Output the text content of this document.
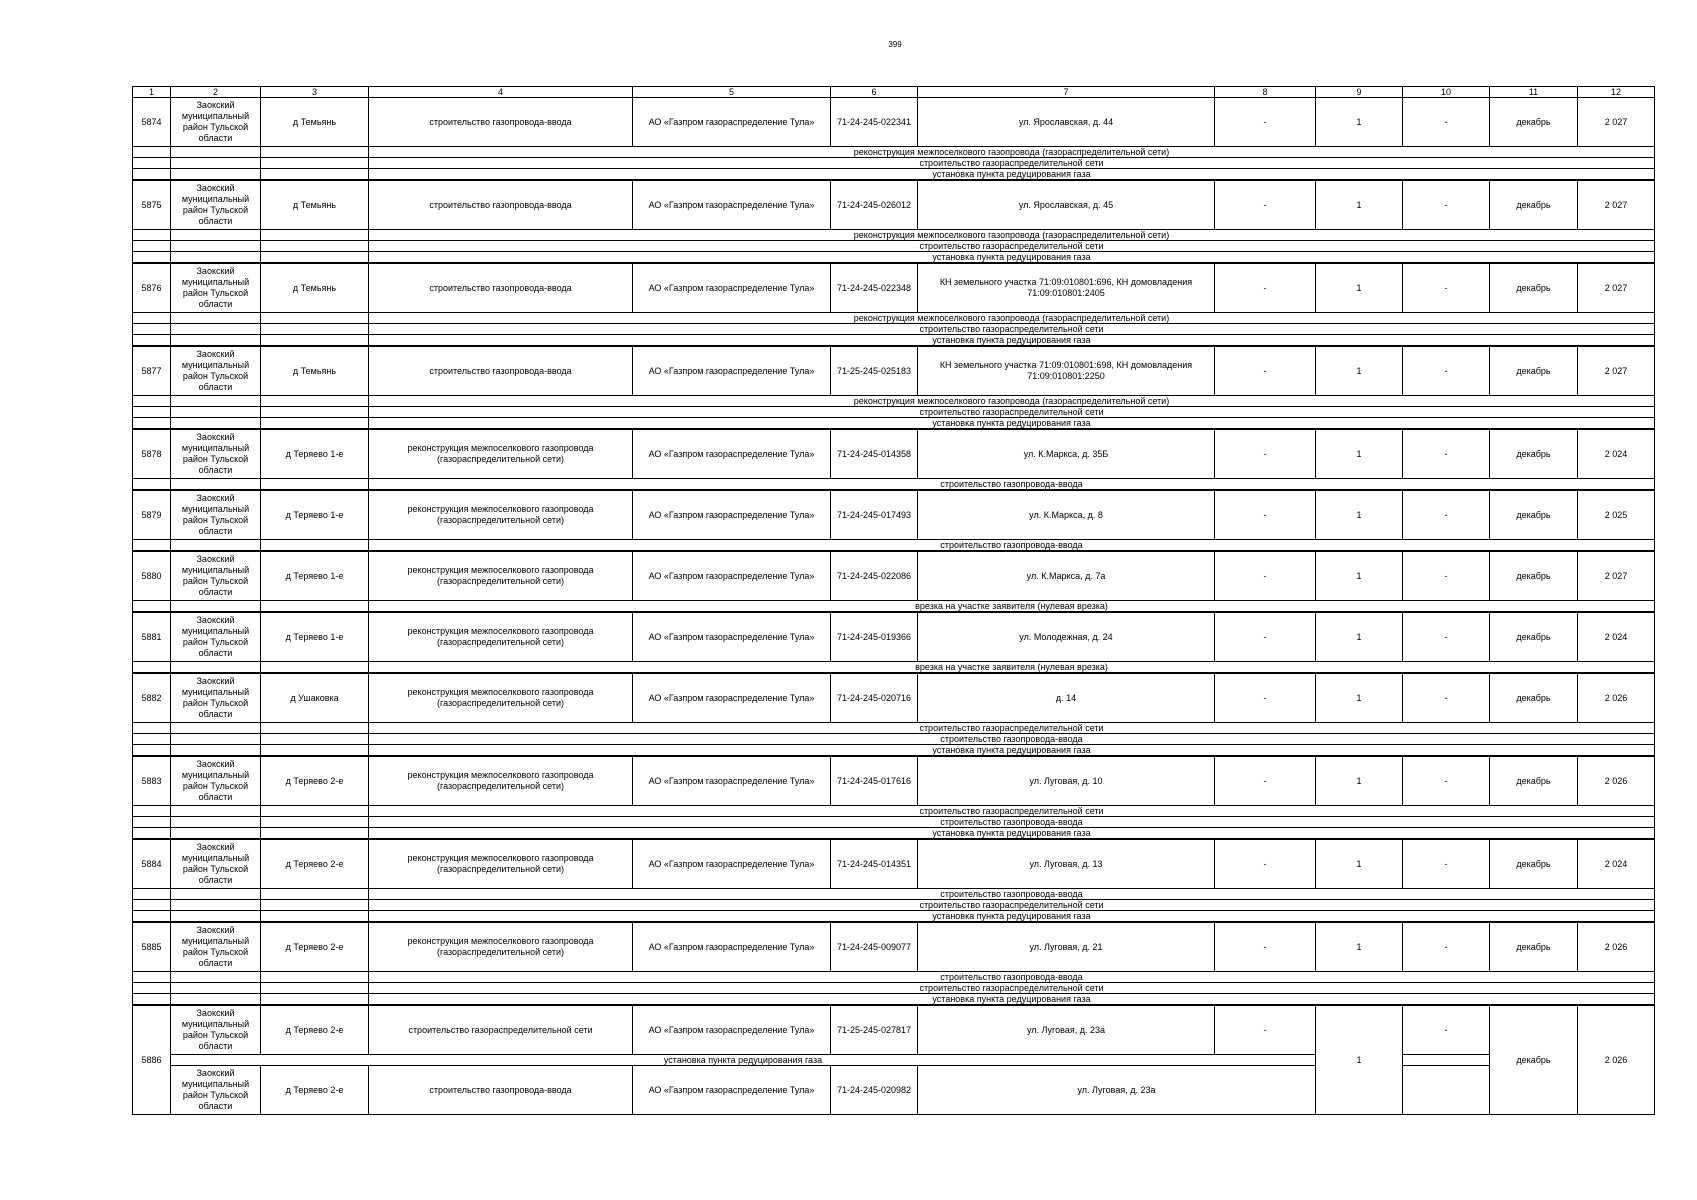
399
1	2	3	4	5	6	7	8	9	10	11	12
5874	Заокский муниципальный район Тульской области	д Темьянь	строительство газопровода-ввода	АО «Газпром газораспределение Тула»	71-24-245-022341	ул. Ярославская, д. 44	-	1	-	декабрь	2 027
			реконструкция межпоселкового газопровода (газораспределительной сети)								
			строительство газораспределительной сети								
			установка пункта редуцирования газа								
5875	Заокский муниципальный район Тульской области	д Темьянь	строительство газопровода-ввода	АО «Газпром газораспределение Тула»	71-24-245-026012	ул. Ярославская, д. 45	-	1	-	декабрь	2 027
			реконструкция межпоселкового газопровода (газораспределительной сети)								
			строительство газораспределительной сети								
			установка пункта редуцирования газа								
5876	Заокский муниципальный район Тульской области	д Темьянь	строительство газопровода-ввода	АО «Газпром газораспределение Тула»	71-24-245-022348	КН земельного участка 71:09:010801:696, КН домовладения 71:09:010801:2405	-	1	-	декабрь	2 027
			реконструкция межпоселкового газопровода (газораспределительной сети)								
			строительство газораспределительной сети								
			установка пункта редуцирования газа								
5877	Заокский муниципальный район Тульской области	д Темьянь	строительство газопровода-ввода	АО «Газпром газораспределение Тула»	71-25-245-025183	КН земельного участка 71:09:010801:698, КН домовладения 71:09:010801:2250	-	1	-	декабрь	2 027
			реконструкция межпоселкового газопровода (газораспределительной сети)								
			строительство газораспределительной сети								
			установка пункта редуцирования газа								
5878	Заокский муниципальный район Тульской области	д Теряево 1-е	реконструкция межпоселкового газопровода (газораспределительной сети)	АО «Газпром газораспределение Тула»	71-24-245-014358	ул. К.Маркса, д. 35Б	-	1	-	декабрь	2 024
			строительство газопровода-ввода								
5879	Заокский муниципальный район Тульской области	д Теряево 1-е	реконструкция межпоселкового газопровода (газораспределительной сети)	АО «Газпром газораспределение Тула»	71-24-245-017493	ул. К.Маркса, д. 8	-	1	-	декабрь	2 025
			строительство газопровода-ввода								
5880	Заокский муниципальный район Тульской области	д Теряево 1-е	реконструкция межпоселкового газопровода (газораспределительной сети)	АО «Газпром газораспределение Тула»	71-24-245-022086	ул. К.Маркса, д. 7а	-	1	-	декабрь	2 027
			врезка на участке заявителя (нулевая врезка)								
5881	Заокский муниципальный район Тульской области	д Теряево 1-е	реконструкция межпоселкового газопровода (газораспределительной сети)	АО «Газпром газораспределение Тула»	71-24-245-019366	ул. Молодежная, д. 24	-	1	-	декабрь	2 024
			врезка на участке заявителя (нулевая врезка)								
5882	Заокский муниципальный район Тульской области	д Ушаковка	реконструкция межпоселкового газопровода (газораспределительной сети)	АО «Газпром газораспределение Тула»	71-24-245-020716	д. 14	-	1	-	декабрь	2 026
			строительство газораспределительной сети								
			строительство газопровода-ввода								
			установка пункта редуцирования газа								
5883	Заокский муниципальный район Тульской области	д Теряево 2-е	реконструкция межпоселкового газопровода (газораспределительной сети)	АО «Газпром газораспределение Тула»	71-24-245-017616	ул. Луговая, д. 10	-	1	-	декабрь	2 026
			строительство газораспределительной сети								
			строительство газопровода-ввода								
			установка пункта редуцирования газа								
5884	Заокский муниципальный район Тульской области	д Теряево 2-е	реконструкция межпоселкового газопровода (газораспределительной сети)	АО «Газпром газораспределение Тула»	71-24-245-014351	ул. Луговая, д. 13	-	1	-	декабрь	2 024
			строительство газопровода-ввода								
			строительство газораспределительной сети								
			установка пункта редуцирования газа								
5885	Заокский муниципальный район Тульской области	д Теряево 2-е	реконструкция межпоселкового газопровода (газораспределительной сети)	АО «Газпром газораспределение Тула»	71-24-245-009077	ул. Луговая, д. 21	-	1	-	декабрь	2 026
			строительство газопровода-ввода								
			строительство газораспределительной сети								
			установка пункта редуцирования газа								
5886	Заокский муниципальный район Тульской области	д Теряево 2-е	строительство газораспределительной сети	АО «Газпром газораспределение Тула»	71-25-245-027817	ул. Луговая, д. 23а	-	1	-	декабрь	2 026
	установка пункта редуцирования газа										
	Заокский муниципальный район Тульской области	д Теряево 2-е	строительство газопровода-ввода	АО «Газпром газораспределение Тула»	71-24-245-020982	ул. Луговая, д. 23а					
